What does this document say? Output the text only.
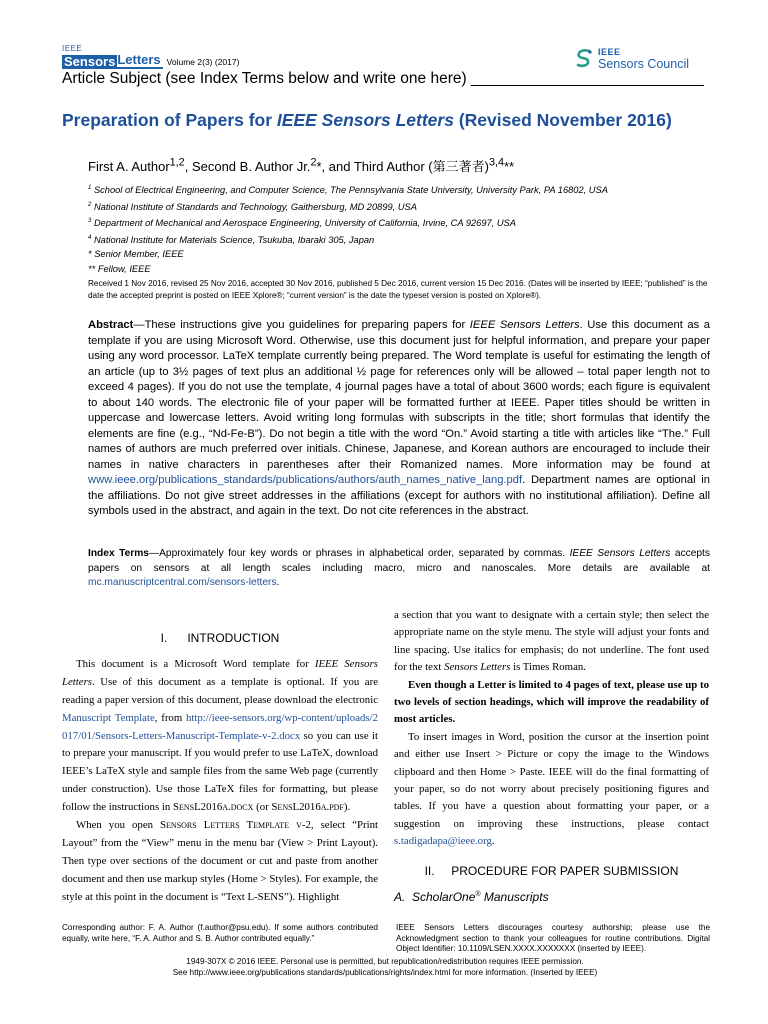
IEEE
Sensors Letters Volume 2(3) (2017)
Article Subject (see Index Terms below and write one here) ___________________________
IEEE
Sensors Council
Preparation of Papers for IEEE Sensors Letters (Revised November 2016)
First A. Author$^{1,2}$, Second B. Author Jr.$^2$*, and Third Author (第三著者)$^{3,4}$**
$^1$ School of Electrical Engineering, and Computer Science, The Pennsylvania State University, University Park, PA 16802, USA
$^2$ National Institute of Standards and Technology, Gaithersburg, MD 20899, USA
$^3$ Department of Mechanical and Aerospace Engineering, University of California, Irvine, CA 92697, USA
$^4$ National Institute for Materials Science, Tsukuba, Ibaraki 305, Japan
* Senior Member, IEEE
** Fellow, IEEE
Received 1 Nov 2016, revised 25 Nov 2016, accepted 30 Nov 2016, published 5 Dec 2016, current version 15 Dec 2016. (Dates will be inserted by IEEE; “published” is the date the accepted preprint is posted on IEEE Xplore®; “current version” is the date the typeset version is posted on Xplore®).
Abstract—These instructions give you guidelines for preparing papers for IEEE Sensors Letters. Use this document as a template if you are using Microsoft Word. Otherwise, use this document just for helpful information, and prepare your paper using any word processor. LaTeX template currently being prepared. The Word template is useful for estimating the length of an article (up to 3½ pages of text plus an additional ½ page for references only will be allowed – total paper length not to exceed 4 pages). If you do not use the template, 4 journal pages have a total of about 3600 words; each figure is equivalent to about 140 words. The electronic file of your paper will be formatted further at IEEE. Paper titles should be written in uppercase and lowercase letters. Avoid writing long formulas with subscripts in the title; short formulas that identify the elements are fine (e.g., “Nd-Fe-B”). Do not begin a title with the word “On.” Avoid starting a title with articles like “The.” Full names of authors are much preferred over initials. Chinese, Japanese, and Korean authors are encouraged to include their names in native characters in parentheses after their Romanized names. More information may be found at www.ieee.org/publications_standards/publications/authors/auth_names_native_lang.pdf. Department names are optional in the affiliations. Do not give street addresses in the affiliations (except for authors with no institutional affiliation). Define all symbols used in the abstract, and again in the text. Do not cite references in the abstract.
Index Terms—Approximately four key words or phrases in alphabetical order, separated by commas. IEEE Sensors Letters accepts papers on sensors at all length scales including macro, micro and nanoscales. More details are available at mc.manuscriptcentral.com/sensors-letters.

I.      INTRODUCTION

This document is a Microsoft Word template for IEEE Sensors Letters. Use of this document as a template is optional. If you are reading a paper version of this document, please download the electronic Manuscript Template, from http://ieee-sensors.org/wp-content/uploads/2017/01/Sensors-Letters-Manuscript-Template-v-2.docx so you can use it to prepare your manuscript. If you would prefer to use LaTeX, download IEEE’s LaTeX style and sample files from the same Web page (currently under construction). Use those LaTeX files for formatting, but please follow the instructions in SensL2016a.docx (or SensL2016a.pdf).

When you open Sensors Letters Template v-2, select “Print Layout” from the “View” menu in the menu bar (View > Print Layout). Then type over sections of the document or cut and paste from another document and then use markup styles (Home > Styles). For example, the style at this point in the document is “Text L-SENS”). Highlight

a section that you want to designate with a certain style; then select the appropriate name on the style menu. The style will adjust your fonts and line spacing. Use italics for emphasis; do not underline. The font used for the text Sensors Letters is Times Roman.

Even though a Letter is limited to 4 pages of text, please use up to two levels of section headings, which will improve the readability of most articles.

To insert images in Word, position the cursor at the insertion point and either use Insert > Picture or copy the image to the Windows clipboard and then Home > Paste. IEEE will do the final formatting of your paper, so do not worry about precisely positioning figures and tables. If you have a question about formatting your paper, or a suggestion on improving these instructions, please contact s.tadigadapa@ieee.org.

II.     PROCEDURE FOR PAPER SUBMISSION

A.  ScholarOne® Manuscripts

Corresponding author: F. A. Author (f.author@psu.edu). If some authors contributed equally, write here, “F. A. Author and S. B. Author contributed equally.”
IEEE Sensors Letters discourages courtesy authorship; please use the Acknowledgment section to thank your colleagues for routine contributions. Digital Object Identifier: 10.1109/LSEN.XXXX.XXXXXXX (inserted by IEEE).
1949-307X © 2016 IEEE. Personal use is permitted, but republication/redistribution requires IEEE permission.
See http://www.ieee.org/publications standards/publications/rights/index.html for more information. (Inserted by IEEE)
